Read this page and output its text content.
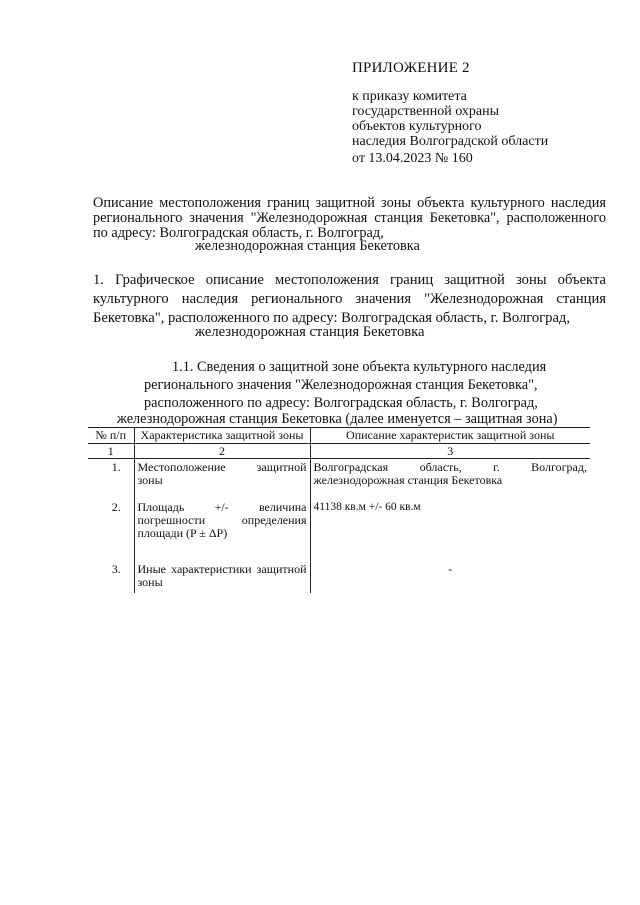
ПРИЛОЖЕНИЕ 2
к приказу комитета
государственной охраны
объектов культурного
наследия Волгоградской области
от 13.04.2023 № 160
Описание местоположения границ защитной зоны объекта культурного наследия регионального значения "Железнодорожная станция Бекетовка", расположенного по адресу: Волгоградская область, г. Волгоград,
железнодорожная станция Бекетовка
1. Графическое описание местоположения границ защитной зоны объекта культурного наследия регионального значения "Железнодорожная станция Бекетовка", расположенного по адресу: Волгоградская область, г. Волгоград,
железнодорожная станция Бекетовка
1.1. Сведения о защитной зоне объекта культурного наследия
регионального значения "Железнодорожная станция Бекетовка",
расположенного по адресу: Волгоградская область, г. Волгоград,
железнодорожная станция Бекетовка (далее именуется – защитная зона)
№ п/п	Характеристика защитной зоны	Описание характеристик защитной зоны
1	2	3
1.	Местоположение защитной зоны	Волгоградская область, г. Волгоград, железнодорожная станция Бекетовка
2.	Площадь +/- величина погрешности определения площади (P ± ΔP)	41138 кв.м +/- 60 кв.м
3.	Иные характеристики защитной зоны	-
